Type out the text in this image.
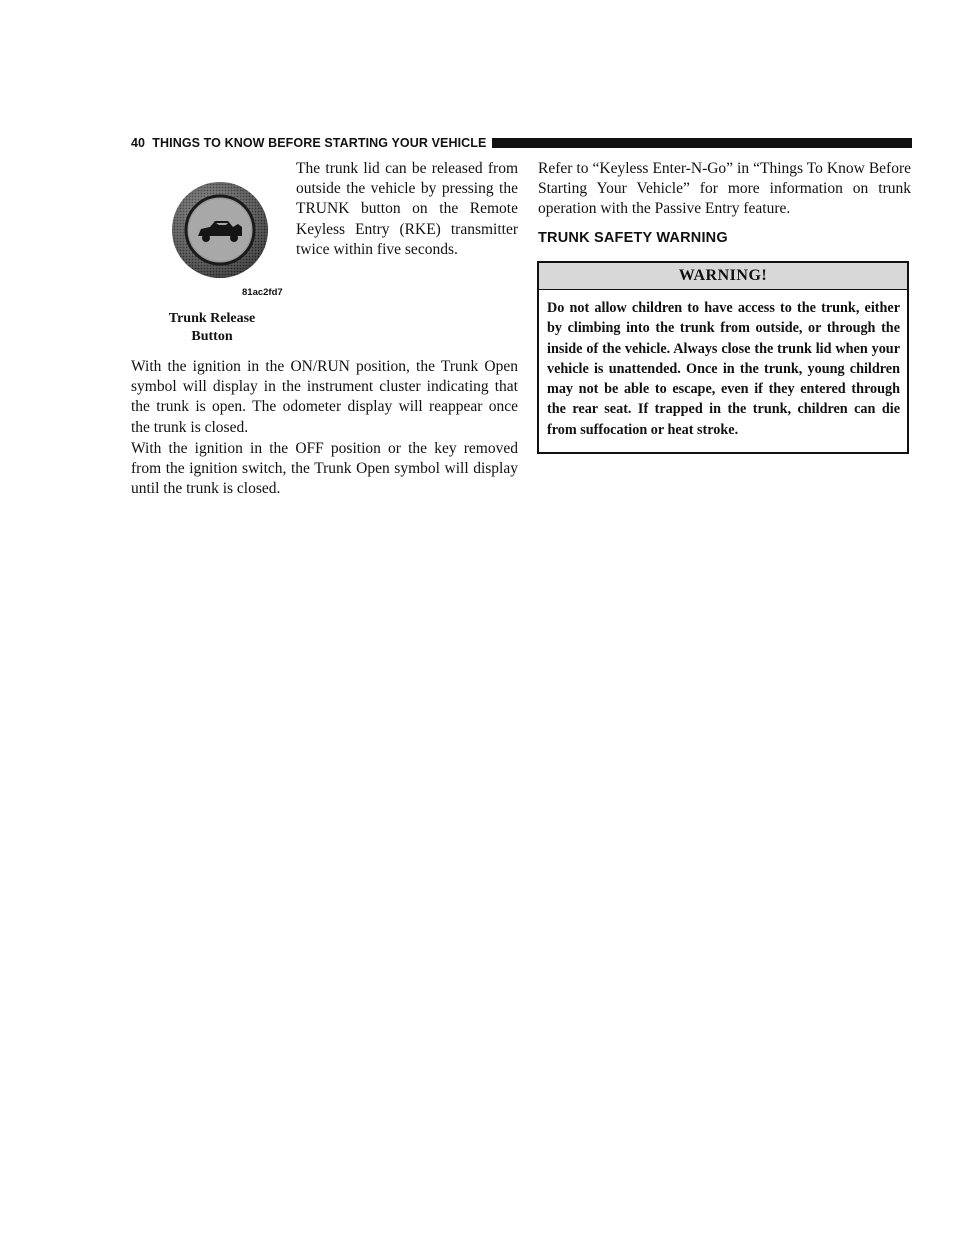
40 THINGS TO KNOW BEFORE STARTING YOUR VEHICLE
81ac2fd7
Trunk Release
Button

The trunk lid can be released from outside the vehicle by pressing the TRUNK button on the Remote Keyless Entry (RKE) transmitter twice within five seconds.

With the ignition in the ON/RUN position, the Trunk Open symbol will display in the instrument cluster indicating that the trunk is open. The odometer display will reappear once the trunk is closed.

With the ignition in the OFF position or the key removed from the ignition switch, the Trunk Open symbol will display until the trunk is closed.

Refer to “Keyless Enter-N-Go” in “Things To Know Before Starting Your Vehicle” for more information on trunk operation with the Passive Entry feature.

TRUNK SAFETY WARNING
WARNING!
Do not allow children to have access to the trunk, either by climbing into the trunk from outside, or through the inside of the vehicle. Always close the trunk lid when your vehicle is unattended. Once in the trunk, young children may not be able to escape, even if they entered through the rear seat. If trapped in the trunk, children can die from suffocation or heat stroke.
